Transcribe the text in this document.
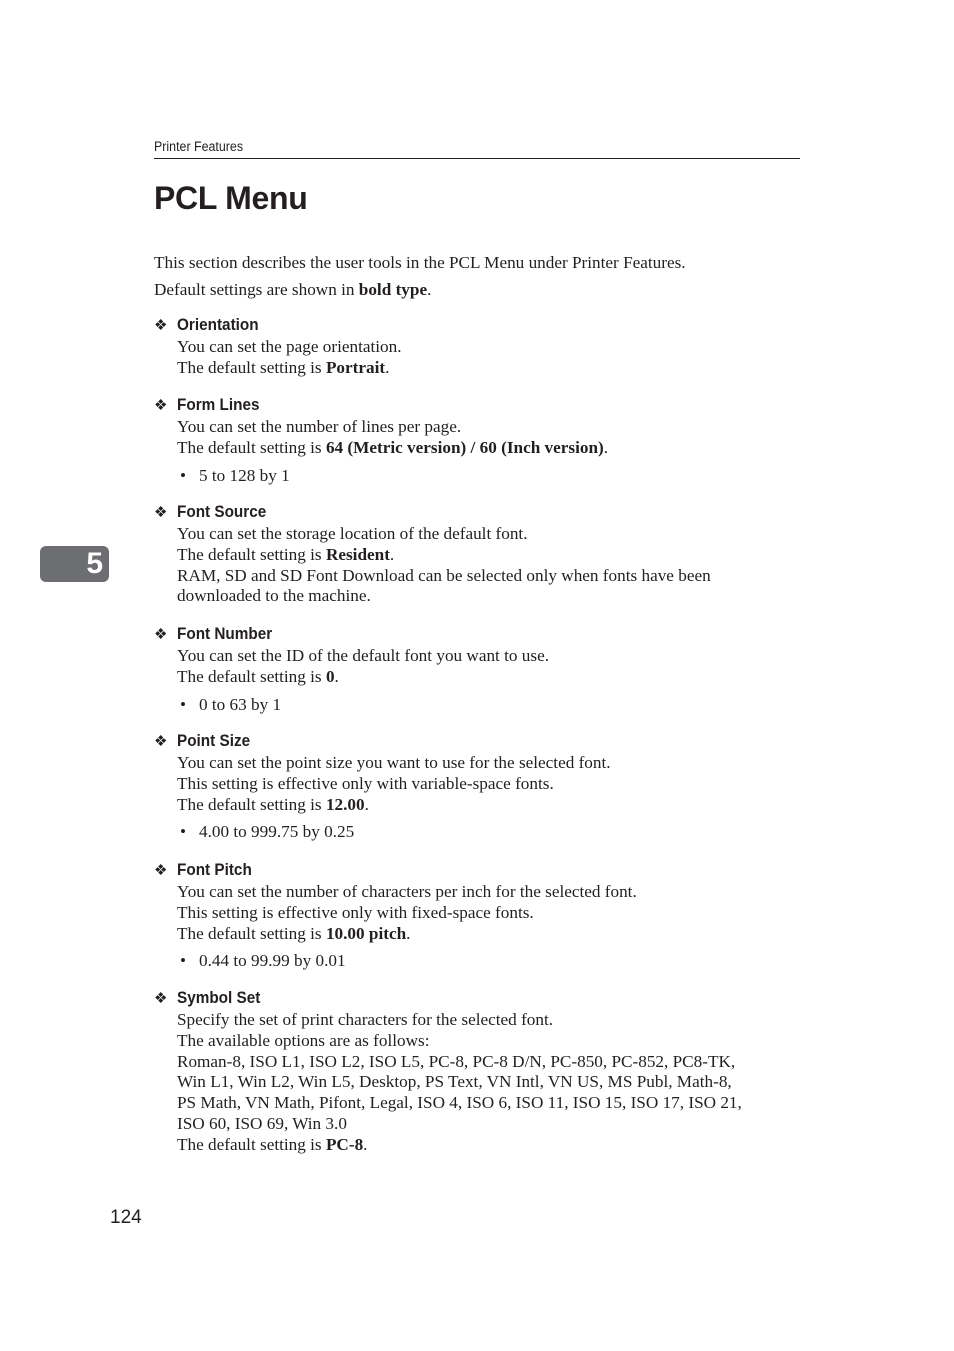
Printer Features
PCL Menu

This section describes the user tools in the PCL Menu under Printer Features.

Default settings are shown in bold type.

❖ Orientation

You can set the page orientation.

The default setting is Portrait.

❖ Form Lines

You can set the number of lines per page.

The default setting is 64 (Metric version) / 60 (Inch version).

• 5 to 128 by 1
❖ Font Source

You can set the storage location of the default font.

The default setting is Resident.

RAM, SD and SD Font Download can be selected only when fonts have been

downloaded to the machine.

❖ Font Number

You can set the ID of the default font you want to use.

The default setting is 0.

• 0 to 63 by 1
❖ Point Size

You can set the point size you want to use for the selected font.

This setting is effective only with variable-space fonts.

The default setting is 12.00.

• 4.00 to 999.75 by 0.25
❖ Font Pitch

You can set the number of characters per inch for the selected font.

This setting is effective only with fixed-space fonts.

The default setting is 10.00 pitch.

• 0.44 to 99.99 by 0.01
❖ Symbol Set

Specify the set of print characters for the selected font.

The available options are as follows:

Roman-8, ISO L1, ISO L2, ISO L5, PC-8, PC-8 D/N, PC-850, PC-852, PC8-TK,

Win L1, Win L2, Win L5, Desktop, PS Text, VN Intl, VN US, MS Publ, Math-8,

PS Math, VN Math, Pifont, Legal, ISO 4, ISO 6, ISO 11, ISO 15, ISO 17, ISO 21,

ISO 60, ISO 69, Win 3.0

The default setting is PC-8.

5
124
